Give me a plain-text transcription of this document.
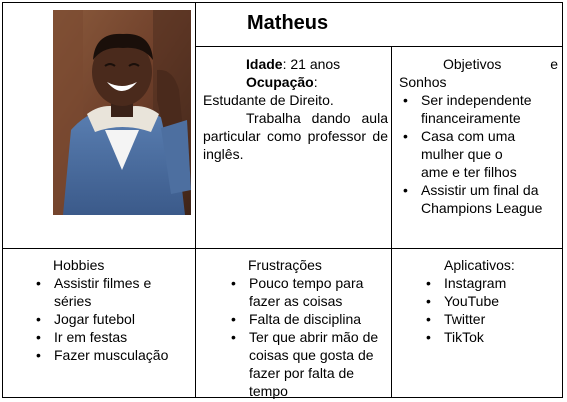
Matheus
Idade: 21 anos
Ocupação:
Estudante de Direito.
Trabalha dando aula particular como professor de inglês.
Objetivos e Sonhos
• Ser independente financeiramente
• Casa com uma mulher que o ame e ter filhos
• Assistir um final da Champions League
Hobbies
• Assistir filmes e séries
• Jogar futebol
• Ir em festas
• Fazer musculação
Frustrações
• Pouco tempo para fazer as coisas
• Falta de disciplina
• Ter que abrir mão de coisas que gosta de fazer por falta de tempo
Aplicativos:
• Instagram
• YouTube
• Twitter
• TikTok
